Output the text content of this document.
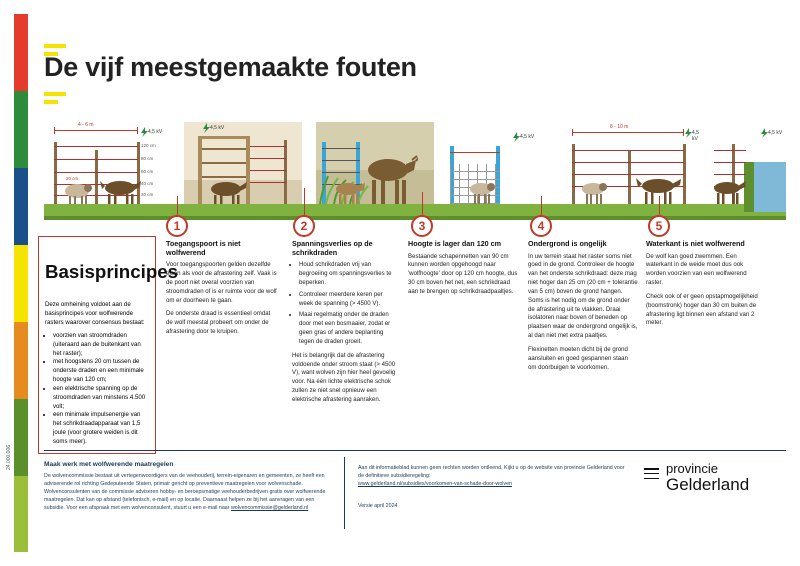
24.000.006
De vijf meestgemaakte fouten
4 - 6 m
120 cm
80 cm
60 cm
40 cm
20 cm
20 cm
4,5 kV
4,5 kV
4,5 kV
8 - 10 m
4,5 kV
4,5 kV
1	2	3	4	5
Basisprincipes

Deze omheining voldoet aan de basisprincipes voor wolfwerende rasters waarover consensus bestaat:

• voorzien van stroomdraden (uiteraard aan de buitenkant van het raster);
• met hoogstens 20 cm tussen de onderste draden en een minimale hoogte van 120 cm;
• een elektrische spanning op de stroomdraden van minstens 4.500 volt;
• een minimale impulsenergie van het schrikdraadapparaat van 1,5 joule (voor grotere weiden is dit soms meer).
Toegangspoort is niet wolfwerend

Voor toegangspoorten gelden dezelfde eisen als voor de afrastering zelf. Vaak is de poort niet overal voorzien van stroomdraden of is er ruimte voor de wolf om er doorheen te gaan.

De onderste draad is essentieel omdat de wolf meestal probeert om onder de afrastering door te kruipen.

Spanningsverlies op de schrikdraden
• Houd schrikdraden vrij van begroeiing om spanningsverlies te beperken.
• Controleer meerdere keren per week de spanning (> 4500 V).
• Maai regelmatig onder de draden door met een bosmaaier, zodat er geen gras of andere beplanting tegen de draden groeit.

Het is belangrijk dat de afrastering voldoende onder stroom staat (> 4500 V), want wolven zijn hier heel gevoelig voor. Na één lichte elektrische schok zullen ze niet snel opnieuw een elektrische afrastering aanraken.

Hoogte is lager dan 120 cm

Bestaande schapennetten van 90 cm kunnen worden opgehoogd naar 'wolfhoogte' door op 120 cm hoogte, dus 30 cm boven het net, een schrikdraad aan te brengen op schrikdraadpaaltjes.

Ondergrond is ongelijk

In uw terrein staat het raster soms niet goed in de grond. Controleer de hoogte van het onderste schrikdraad: deze mag niet hoger dan 25 cm (20 cm + tolerantie van 5 cm) boven de grond hangen. Soms is het nodig om de grond onder de afrastering uit te vlakken. Draai isolatoren naar boven of beneden op plaatsen waar de ondergrond ongelijk is, al dan niet met extra paaltjes.

Flexinetten moeten dicht bij de grond aansluiten en goed gespannen staan om doorbuigen te voorkomen.

Waterkant is niet wolfwerend

De wolf kan goed zwemmen. Een waterkant in de weide moet dus ook worden voorzien van een wolfwerend raster.

Check ook of er geen opstapmogelijkheid (boomstronk) hoger dan 30 cm buiten de afrastering ligt binnen een afstand van 2 meter.

Maak werk met wolfwerende maatregelen
De wolvencommissie bestaat uit vertegenwoordigers van de veehouderij, terrein-eigenaren en gemeenten, ze heeft een adviserende rol richting Gedeputeerde Staten, primair gericht op preventieve maatregelen voor wolvenschade. Wolvenconsulenten van de commissie adviseren hobby- en beroepsmatige veehouderbedrijven gratis over wolfwerende maatregelen. Dat kan op afstand (telefonisch, e-mail) en op locatie. Daarnaast helpen ze bij het aanvragen van een subsidie. Voor een afspraak met een wolvenconsulent, stuurt u een e-mail naar wolvencommissie@gelderland.nl
Aan dit informatieblad kunnen geen rechten worden ontleend. Kijkt u op de website van provincie Gelderland voor de definitieve subsidieregeling:
www.gelderland.nl/subsidies/voorkomen-van-schade-door-wolven
Versie april 2024
provincie
Gelderland
